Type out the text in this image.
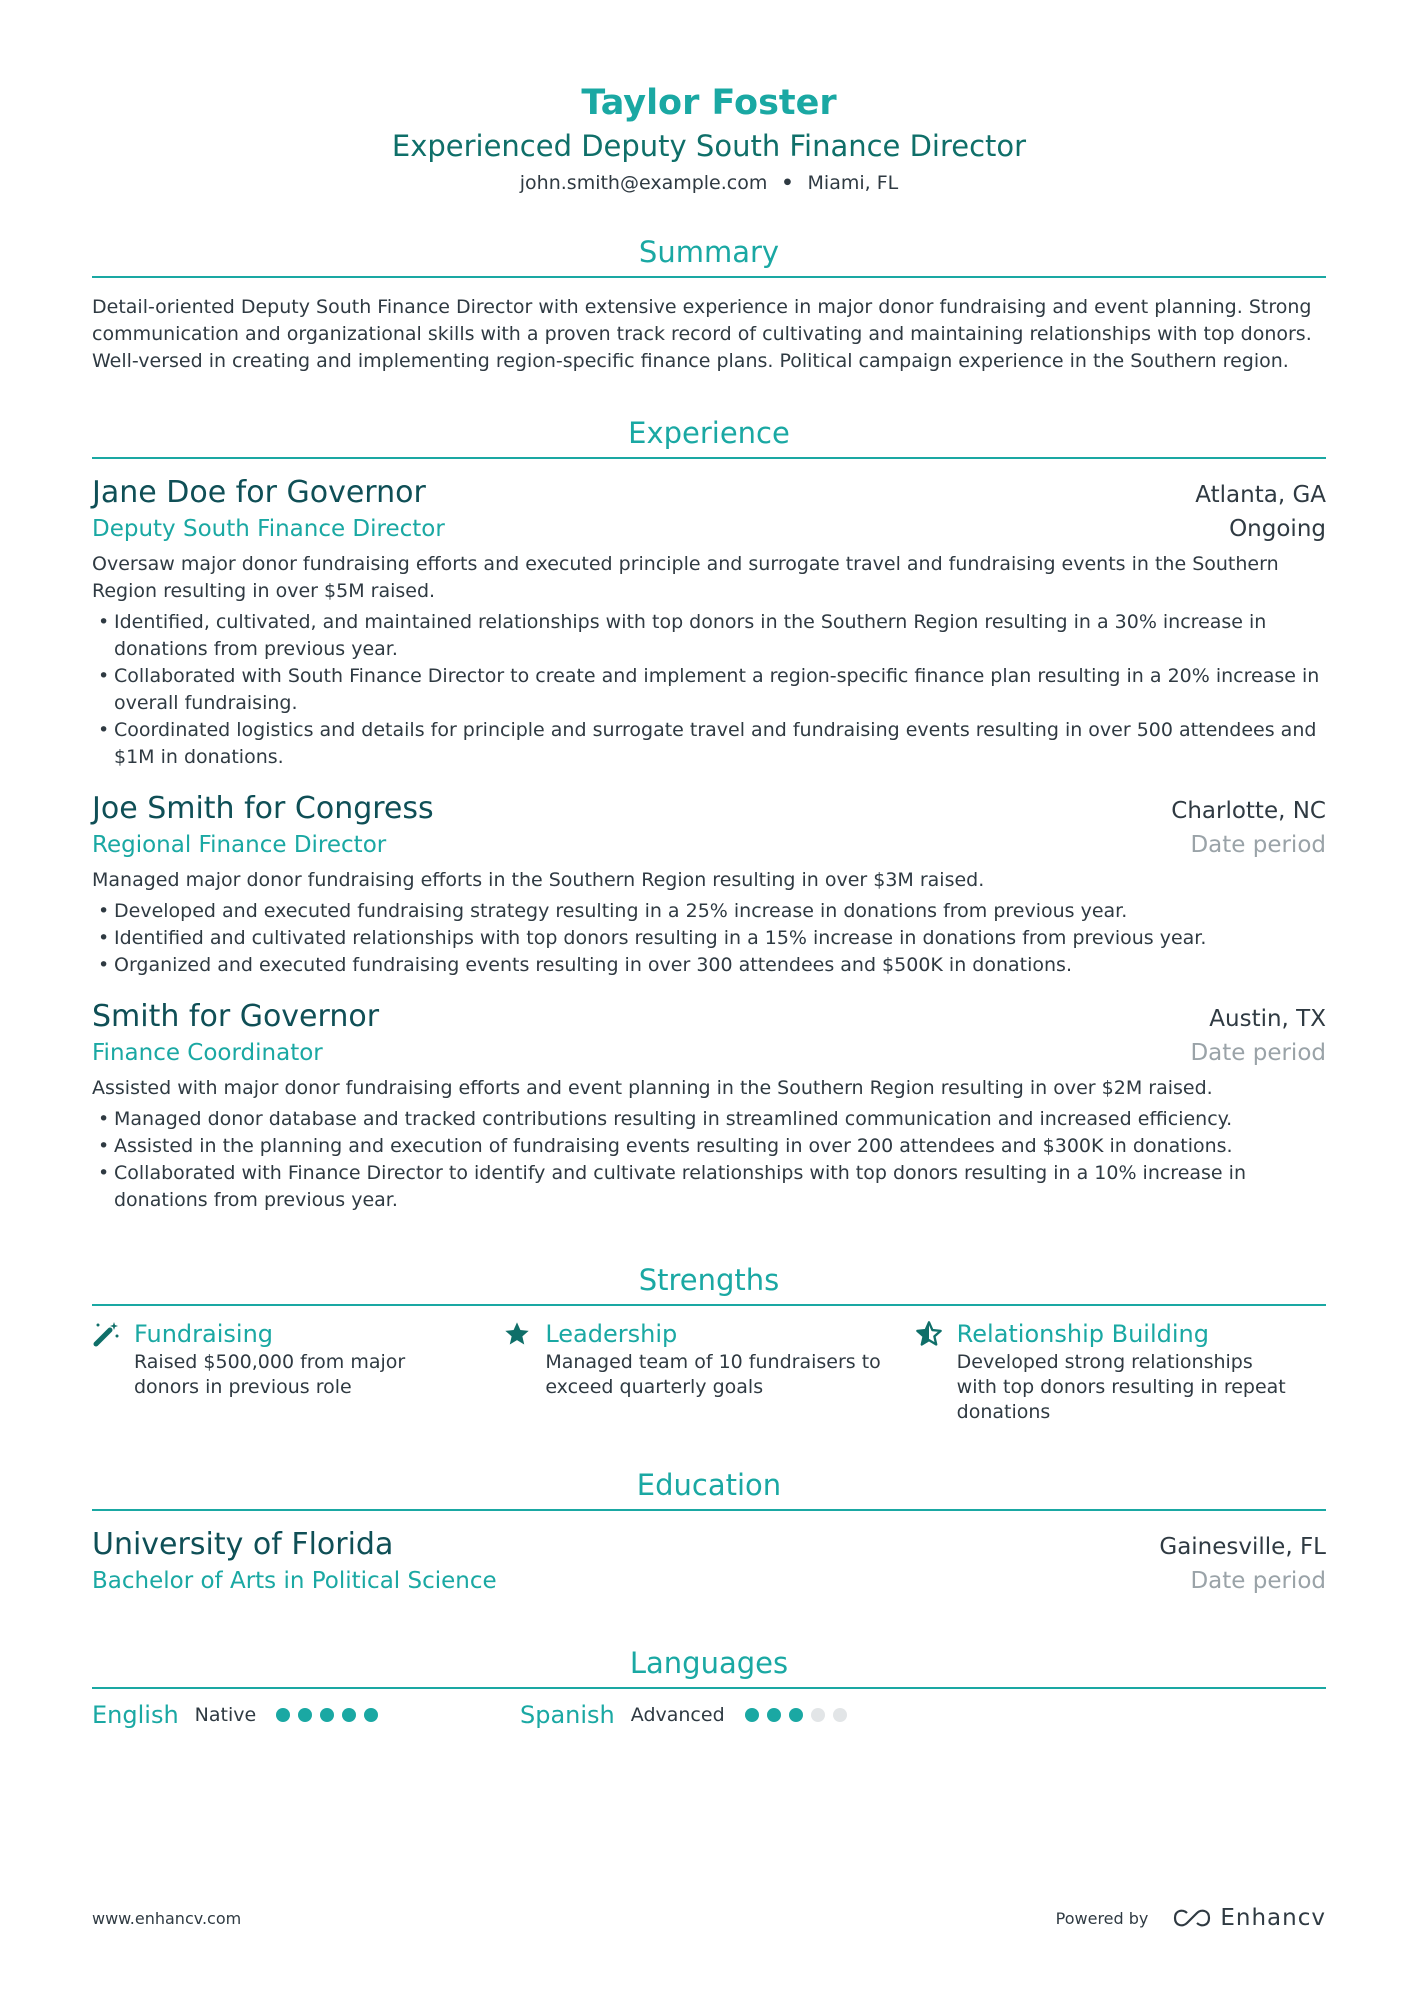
Taylor Foster
Experienced Deputy South Finance Director
john.smith@example.com • Miami, FL
Summary
Detail-oriented Deputy South Finance Director with extensive experience in major donor fundraising and event planning. Strong communication and organizational skills with a proven track record of cultivating and maintaining relationships with top donors. Well-versed in creating and implementing region-specific finance plans. Political campaign experience in the Southern region.
Experience
Jane Doe for Governor	Atlanta, GA
Deputy South Finance Director	Ongoing
Oversaw major donor fundraising efforts and executed principle and surrogate travel and fundraising events in the Southern Region resulting in over $5M raised.
• Identified, cultivated, and maintained relationships with top donors in the Southern Region resulting in a 30% increase in donations from previous year.
• Collaborated with South Finance Director to create and implement a region-specific finance plan resulting in a 20% increase in overall fundraising.
• Coordinated logistics and details for principle and surrogate travel and fundraising events resulting in over 500 attendees and $1M in donations.
Joe Smith for Congress	Charlotte, NC
Regional Finance Director	Date period
Managed major donor fundraising efforts in the Southern Region resulting in over $3M raised.
• Developed and executed fundraising strategy resulting in a 25% increase in donations from previous year.
• Identified and cultivated relationships with top donors resulting in a 15% increase in donations from previous year.
• Organized and executed fundraising events resulting in over 300 attendees and $500K in donations.
Smith for Governor	Austin, TX
Finance Coordinator	Date period
Assisted with major donor fundraising efforts and event planning in the Southern Region resulting in over $2M raised.
• Managed donor database and tracked contributions resulting in streamlined communication and increased efficiency.
• Assisted in the planning and execution of fundraising events resulting in over 200 attendees and $300K in donations.
• Collaborated with Finance Director to identify and cultivate relationships with top donors resulting in a 10% increase in donations from previous year.
Strengths
Fundraising
Raised $500,000 from major donors in previous role
Leadership
Managed team of 10 fundraisers to exceed quarterly goals
Relationship Building
Developed strong relationships with top donors resulting in repeat donations
Education
University of Florida	Gainesville, FL
Bachelor of Arts in Political Science	Date period
Languages
English Native	Spanish Advanced
www.enhancv.com	Powered by	Enhancv
